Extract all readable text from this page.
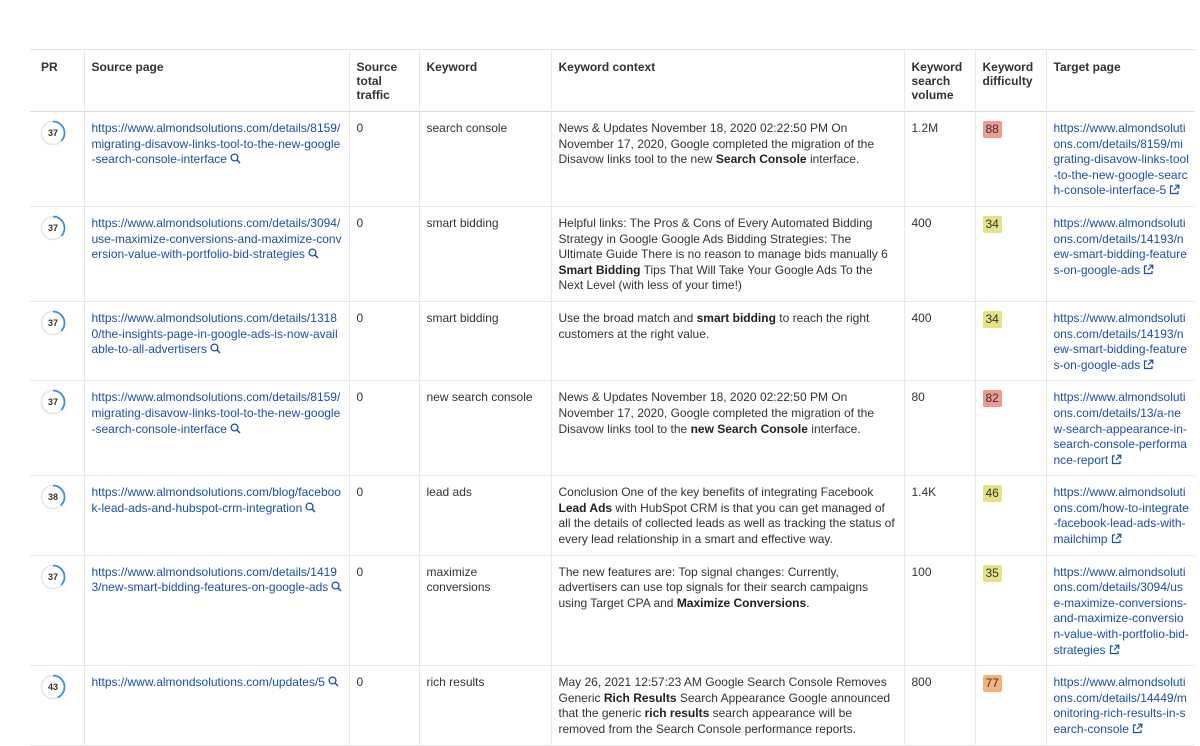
PR	Source page	Source total traffic	Keyword	Keyword context	Keyword search volume	Keyword difficulty	Target page

37	https://www.almondsolutions.com/details/8159/migrating-disavow-links-tool-to-the-new-google-search-console-interface	0	search console	News & Updates November 18, 2020 02:22:50 PM On November 17, 2020, Google completed the migration of the Disavow links tool to the new Search Console interface.	1.2M	88	https://www.almondsolutions.com/details/8159/migrating-disavow-links-tool-to-the-new-google-search-console-interface-5

37	https://www.almondsolutions.com/details/3094/use-maximize-conversions-and-maximize-conversion-value-with-portfolio-bid-strategies	0	smart bidding	Helpful links: The Pros & Cons of Every Automated Bidding Strategy in Google Google Ads Bidding Strategies: The Ultimate Guide There is no reason to manage bids manually 6 Smart Bidding Tips That Will Take Your Google Ads To the Next Level (with less of your time!)	400	34	https://www.almondsolutions.com/details/14193/new-smart-bidding-features-on-google-ads

37	https://www.almondsolutions.com/details/13180/the-insights-page-in-google-ads-is-now-available-to-all-advertisers	0	smart bidding	Use the broad match and smart bidding to reach the right customers at the right value.	400	34	https://www.almondsolutions.com/details/14193/new-smart-bidding-features-on-google-ads

37	https://www.almondsolutions.com/details/8159/migrating-disavow-links-tool-to-the-new-google-search-console-interface	0	new search console	News & Updates November 18, 2020 02:22:50 PM On November 17, 2020, Google completed the migration of the Disavow links tool to the new Search Console interface.	80	82	https://www.almondsolutions.com/details/13/a-new-search-appearance-in-search-console-performance-report

38	https://www.almondsolutions.com/blog/facebook-lead-ads-and-hubspot-crm-integration	0	lead ads	Conclusion One of the key benefits of integrating Facebook Lead Ads with HubSpot CRM is that you can get managed of all the details of collected leads as well as tracking the status of every lead relationship in a smart and effective way.	1.4K	46	https://www.almondsolutions.com/how-to-integrate-facebook-lead-ads-with-mailchimp

37	https://www.almondsolutions.com/details/14193/new-smart-bidding-features-on-google-ads	0	maximize conversions	The new features are: Top signal changes: Currently, advertisers can use top signals for their search campaigns using Target CPA and Maximize Conversions.	100	35	https://www.almondsolutions.com/details/3094/use-maximize-conversions-and-maximize-conversion-value-with-portfolio-bid-strategies

43	https://www.almondsolutions.com/updates/5	0	rich results	May 26, 2021 12:57:23 AM Google Search Console Removes Generic Rich Results Search Appearance Google announced that the generic rich results search appearance will be removed from the Search Console performance reports.	800	77	https://www.almondsolutions.com/details/14449/monitoring-rich-results-in-search-console
